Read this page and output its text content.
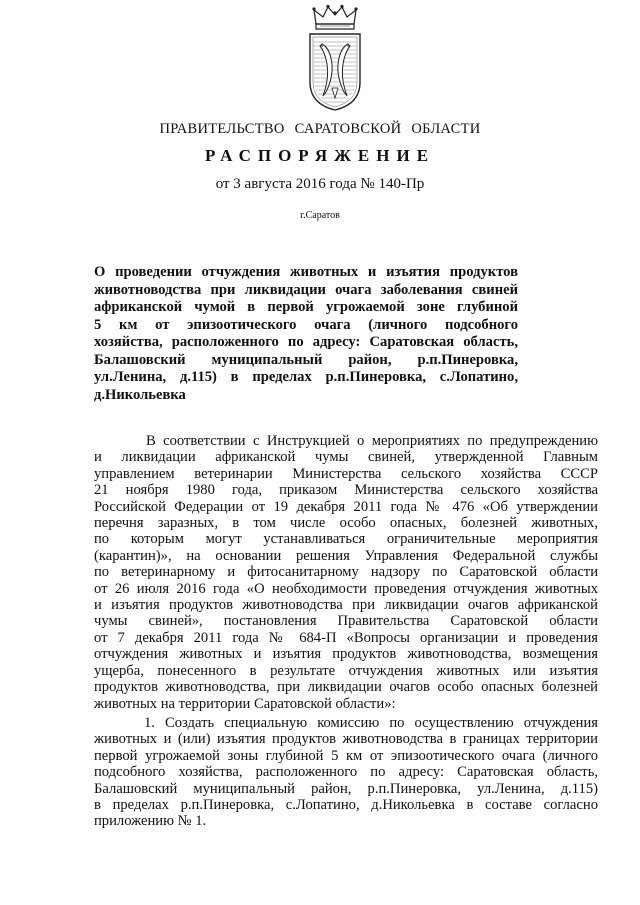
ПРАВИТЕЛЬСТВО САРАТОВСКОЙ ОБЛАСТИ
РАСПОРЯЖЕНИЕ
от 3 августа 2016 года № 140-Пр
г.Саратов
О проведении отчуждения животных и изъятия продуктов
животноводства при ликвидации очага заболевания свиней
африканской чумой в первой угрожаемой зоне глубиной
5 км от эпизоотического очага (личного подсобного
хозяйства, расположенного по адресу: Саратовская область,
Балашовский муниципальный район, р.п.Пинеровка,
ул.Ленина, д.115) в пределах р.п.Пинеровка, с.Лопатино,
д.Никольевка
В соответствии с Инструкцией о мероприятиях по предупреждению
и ликвидации африканской чумы свиней, утвержденной Главным
управлением ветеринарии Министерства сельского хозяйства СССР
21 ноября 1980 года, приказом Министерства сельского хозяйства
Российской Федерации от 19 декабря 2011 года № 476 «Об утверждении
перечня заразных, в том числе особо опасных, болезней животных,
по которым могут устанавливаться ограничительные мероприятия
(карантин)», на основании решения Управления Федеральной службы
по ветеринарному и фитосанитарному надзору по Саратовской области
от 26 июля 2016 года «О необходимости проведения отчуждения животных
и изъятия продуктов животноводства при ликвидации очагов африканской
чумы свиней», постановления Правительства Саратовской области
от 7 декабря 2011 года № 684-П «Вопросы организации и проведения
отчуждения животных и изъятия продуктов животноводства, возмещения
ущерба, понесенного в результате отчуждения животных или изъятия
продуктов животноводства, при ликвидации очагов особо опасных болезней
животных на территории Саратовской области»:
1. Создать специальную комиссию по осуществлению отчуждения
животных и (или) изъятия продуктов животноводства в границах территории
первой угрожаемой зоны глубиной 5 км от эпизоотического очага (личного
подсобного хозяйства, расположенного по адресу: Саратовская область,
Балашовский муниципальный район, р.п.Пинеровка, ул.Ленина, д.115)
в пределах р.п.Пинеровка, с.Лопатино, д.Никольевка в составе согласно
приложению № 1.
